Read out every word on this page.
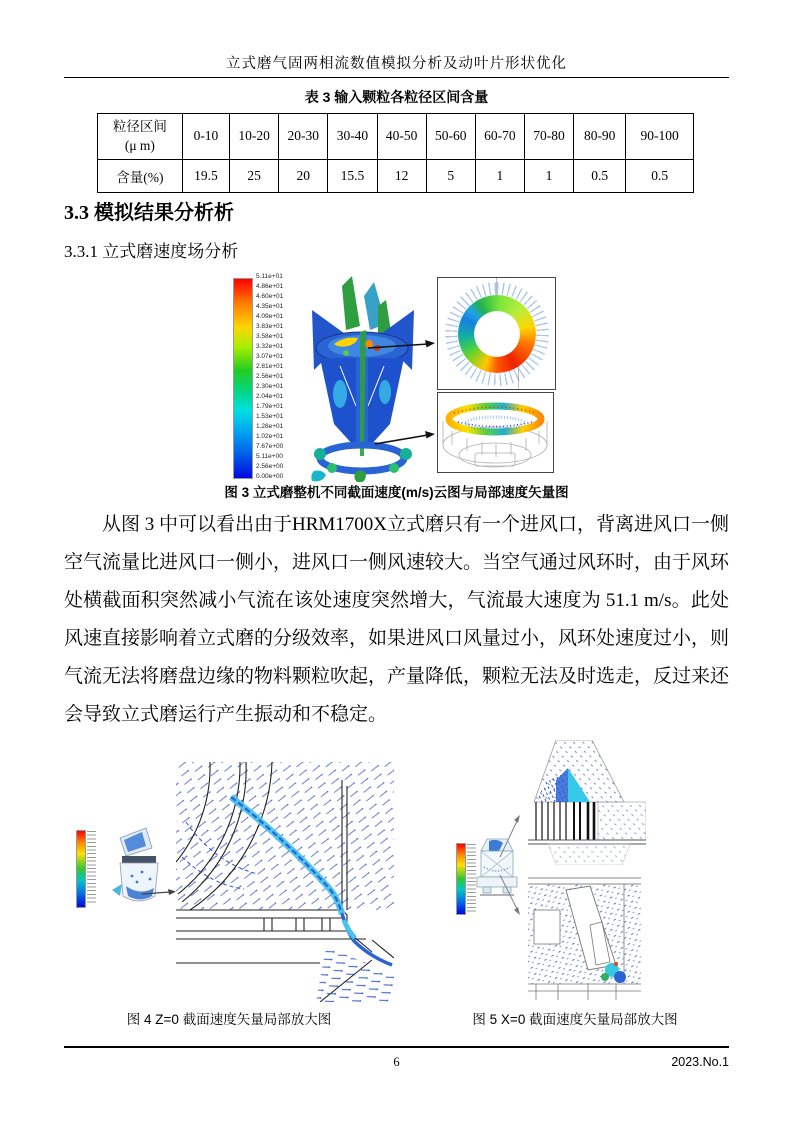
立式磨气固两相流数值模拟分析及动叶片形状优化
表 3 输入颗粒各粒径区间含量
粒径区间
(μ m)	0-10	10-20	20-30	30-40	40-50	50-60	60-70	70-80	80-90	90-100
含量(%)	19.5	25	20	15.5	12	5	1	1	0.5	0.5
3.3 模拟结果分析析
3.3.1 立式磨速度场分析
5.11e+01
4.86e+01
4.60e+01
4.35e+01
4.09e+01
3.83e+01
3.58e+01
3.32e+01
3.07e+01
2.81e+01
2.56e+01
2.30e+01
2.04e+01
1.79e+01
1.53e+01
1.28e+01
1.02e+01
7.67e+00
5.11e+00
2.56e+00
0.00e+00
图 3 立式磨整机不同截面速度(m/s)云图与局部速度矢量图
从图 3 中可以看出由于HRM1700X立式磨只有一个进风口，背离进风口一侧空气流量比进风口一侧小，进风口一侧风速较大。当空气通过风环时，由于风环处横截面积突然减小气流在该处速度突然增大，气流最大速度为 51.1 m/s。此处风速直接影响着立式磨的分级效率，如果进风口风量过小，风环处速度过小，则气流无法将磨盘边缘的物料颗粒吹起，产量降低，颗粒无法及时选走，反过来还会导致立式磨运行产生振动和不稳定。
图 4 Z=0 截面速度矢量局部放大图	图 5 X=0 截面速度矢量局部放大图
6	2023.No.1
